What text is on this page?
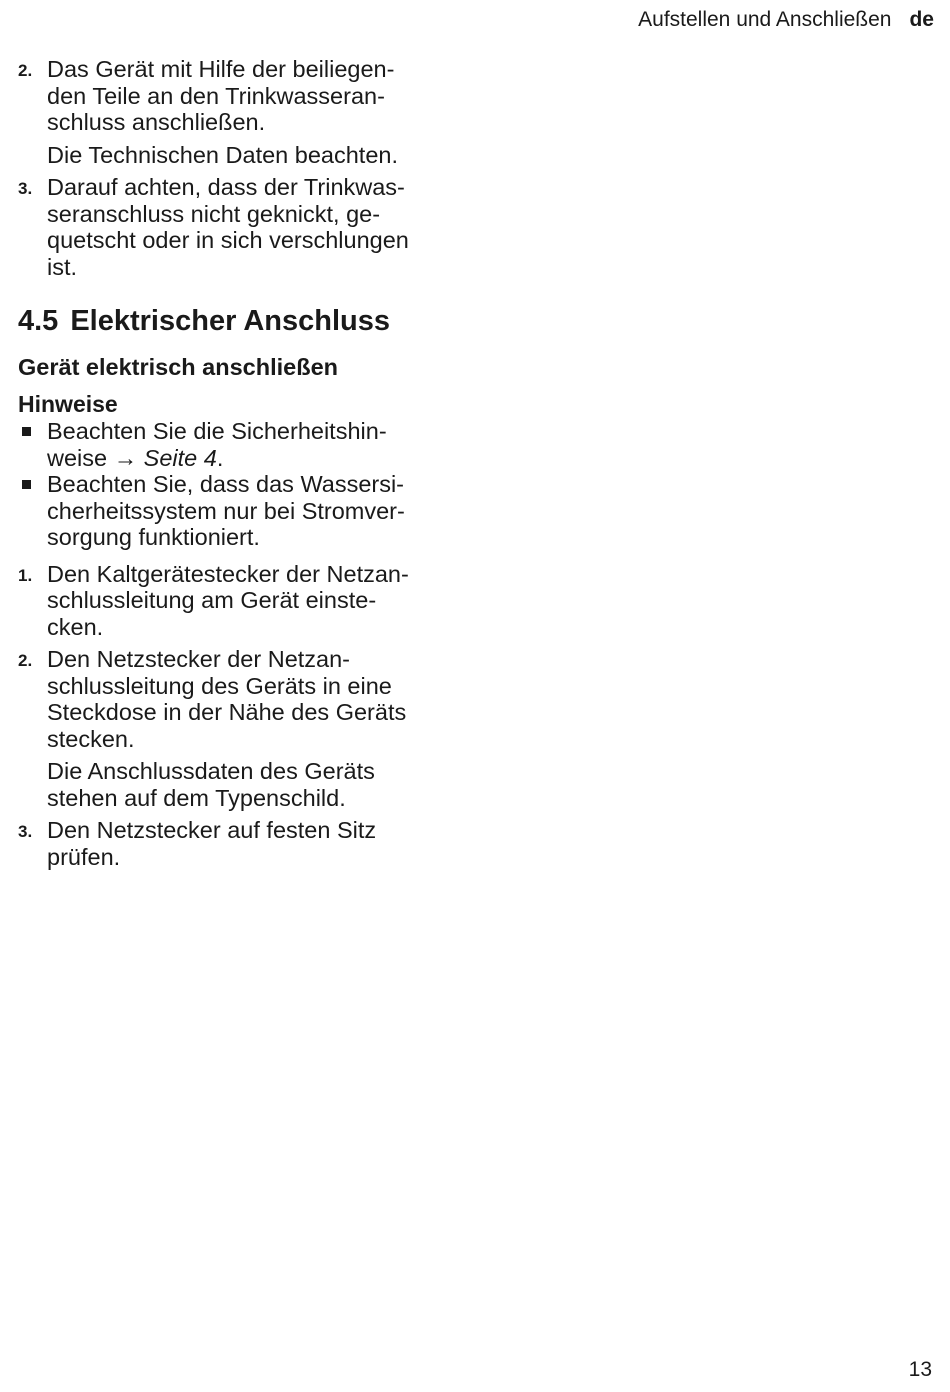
Aufstellen und Anschließen de
2. Das Gerät mit Hilfe der beiliegen-
den Teile an den Trinkwasseran-
schluss anschließen.
Die Technischen Daten beachten.
3. Darauf achten, dass der Trinkwas-
seranschluss nicht geknickt, ge-
quetscht oder in sich verschlungen
ist.
4.5 Elektrischer Anschluss
Gerät elektrisch anschließen
Hinweise
Beachten Sie die Sicherheitshin-
weise → Seite 4.
Beachten Sie, dass das Wassersi-
cherheitssystem nur bei Stromver-
sorgung funktioniert.
1. Den Kaltgerätestecker der Netzan-
schlussleitung am Gerät einste-
cken.
2. Den Netzstecker der Netzan-
schlussleitung des Geräts in eine
Steckdose in der Nähe des Geräts
stecken.
Die Anschlussdaten des Geräts
stehen auf dem Typenschild.
3. Den Netzstecker auf festen Sitz
prüfen.
13
